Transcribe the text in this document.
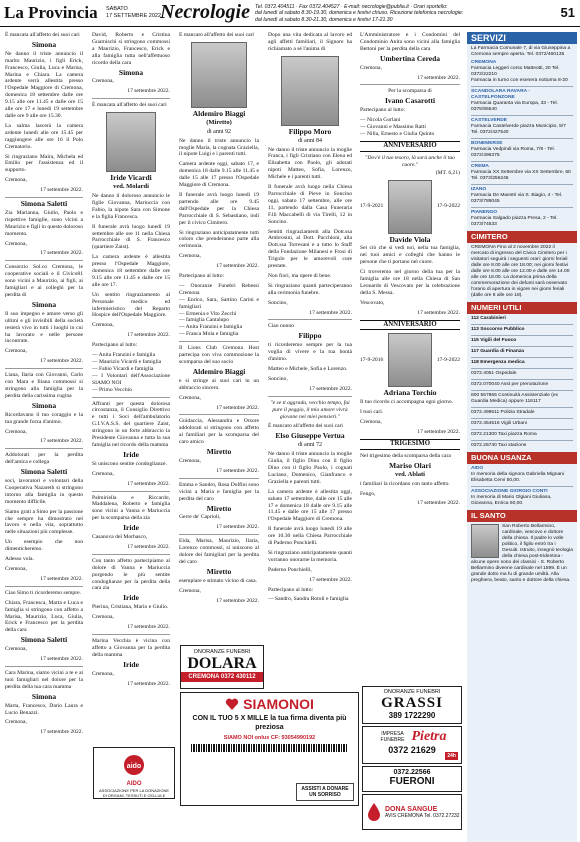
La Provincia SABATO
17 SETTEMBRE 2022
Necrologie Tel. 0372.404511 · Fax 0372.404527 · E-mail: necrologie@publia.it · Orari sportello:
dal lunedì al sabato 8.30-19.30, domenica e festivi chiuso. Ricezione telefonica necrologie:
dal lunedì al sabato 8.30-21.30, domenica e festivi 17-21.30	51

È mancata all'affetto dei suoi cari

Simona

Ne danno il triste annuncio il marito Maurizio, i figli Erick, Francesco, Giulia, Luca e Marisa, Marina e Chiara. La camera ardente verrà allestita presso l'Ospedale Maggiore di Cremona, domenica 18 settembre dalle ore 9.15 alle ore 11.45 e dalle ore 15 alle ore 17 e lunedì 19 settembre dalle ore 9 alle ore 15.30.

La salma lascerà la camera ardente lunedì alle ore 15.45 per raggiungere alle ore 16 il Polo Crematorio.

Si ringraziano Maira, Michela ed Emilio per l'assistenza ed il supporto.

Cremona,

17 settembre 2022.
Simona Saletti

Zia Marianna, Giulio, Paolo e rispettive famiglie, sono vicini a Maurizio e figli in questo doloroso momento.

Cremona,

17 settembre 2022.

Consorzio Sol.co Cremona, le cooperative sociali e il Civico81 sono vicini a Maurizio, ai figli, ai famigliari e ai colleghi per la perdita di

Simona

Il suo impegno e amore verso gli ultimi e gli invisibili della società resterà vivo in tutti i luoghi in cui ha lavorato e nelle persone incontrate.

Cremona,

17 settembre 2022.

Liana, Ilaria con Giovanni, Carlo con Mara e Iliana commossi si stringono alla famiglia per la perdita della carissima cugina

Simona

Ricordavano il tuo coraggio e la tua grande forza d'animo.

Cremona,

17 settembre 2022.

Addolorati per la perdita dell'amica e collega

Simona Saletti

soci, lavoratori e volontari della Cooperativa Nazareth si stringono intorno alla famiglia in questo momento difficile.

Siamo grati a Simo per la passione che sempre ha dimostrato nel lavoro e nella vita, soprattutto nelle situazioni più complesse.

Un esempio che non dimenticheremo.

Adesso vola.

Cremona,

17 settembre 2022.

Ciao Simo ti ricorderemo sempre.

Chiara, Francesca, Marta e Luca e famiglia si stringono con affetto a Marisa, Maurizio, Luca, Giulia, Erick e Francesco per la perdita della cara

Simona Saletti

Cremona,

17 settembre 2022.

Cara Marina, siamo vicini a te e ai tuoi famigliari nel dolore per la perdita della tua cara mamma

Simona

Marta, Francesco, Dario Laura e Lucio Benazzi.

Cremona,

17 settembre 2022.

David, Roberto e Cristina Guarnischi si stringono commossi a Maurizio, Francesco, Erick e alla famiglia tutta nell'affettuoso ricordo della cara

Simona

Cremona,

17 settembre 2022.

È mancata all'affetto dei suoi cari

Iride Vicardi
ved. Molardi

Ne danno il doloroso annuncio le figlie Giovanna, Mariuccia con Fabio, la nipote Sara con Simone e la figlia Francesca.

Il funerale avrà luogo lunedì 19 settembre alle ore 11 nella Chiesa Parrocchiale di S. Francesco (quartiere Zaist).

La camera ardente è allestita presso l'Ospedale Maggiore, domenica 18 settembre dalle ore 9.15 alle ore 11.45 e dalle ore 15 alle ore 17.

Un sentito ringraziamento al Personale medico ed infermieristico del Reparto Hospice dell'Ospedale Maggiore.

Cremona,

17 settembre 2022.

Partecipano al lutto:

— Anita Franzini e famiglia

— Maurizio Vicardi e famiglia

— Fabio Vicardi e famiglia

— I Volontari dell'Associazione SIAMO NOI

— Primo Vecchio

Affranti per questa dolorosa circostanza, il Consiglio Direttivo e tutti i Soci dell'ambulatorio G.I.V.A.S.S. del quartiere Zaist, stringono in un forte abbraccio la Presidente Giovanna e tutta la sua famiglia nel ricordo della mamma

Iride

Si uniscono sentite condoglianze.

Cremona,

17 settembre 2022.

Palmiriella e Riccardo, Maddalena, Roberto e famiglia sono vicini a Vanna e Mariuccia per la scomparsa della zia

Iride

Casanova del Morbasco,

17 settembre 2022.

Con tanto affetto partecipiamo al dolore di Vanna e Mariuccia porgendo le più sentite condoglianze per la perdita della cara zia

Iride

Pierina, Cristiana, Mario e Giulio.

Cremona,

17 settembre 2022.

Marina Vecchia è vicina con affetto a Giovanna per la perdita della mamma

Iride

Cremona,

17 settembre 2022.

È mancato all'affetto dei suoi cari

Aldemiro Biaggi
(Miretto)
di anni 92

Ne danno il triste annuncio la moglie Maria, la cognata Graziella, il nipote Luigi e i parenti tutti.

Camera ardente oggi, sabato 17, e domenica 18 dalle 9.15 alle 11.45 e dalle 15 alle 17 presso l'Ospedale Maggiore di Cremona.

Il funerale avrà luogo lunedì 19 partendo alle ore 9.45 dall'Ospedale per la Chiesa Parrocchiale di S. Sebastiano, indi per il civico Cimitero.

Si ringraziano anticipatamente tutti coloro che prenderanno parte alla cerimonia.

Cremona,

17 settembre 2022.

Partecipano al lutto:

— Onoranze Funebri Rebessi Cremona

— Enrico, Sara, Sartino Carini e famigliari

— Ermenia e Vito Zecchi

— famiglia Cantalupo

— Anita Franzini e famiglia

— Franca Mola e famiglia

Il Lions Club Cremona Host partecipa con viva commozione la scomparsa del suo socio

Aldemiro Biaggi

e si stringe ai suoi cari in un abbraccio sincero.

Cremona,

17 settembre 2022.

Guidaccia, Alessandra e Orsore addolorati si stringono con affetto ai familiari per la scomparsa del caro amico

Miretto

Cremona,

17 settembre 2022.

Emma e Sandro, Rosa Dolfini sono vicini a Maria e famiglia per la perdita del caro

Miretto

Gerre de' Caprioli,

17 settembre 2022.

Elda, Marisa, Maurizio, Ilaria, Lorenzo commossi, si uniscono al dolore dei famigliari per la perdita del caro

Miretto

esemplare e stimato vicino di casa.

Cremona,

17 settembre 2022.

Dopo una vita dedicata al lavoro ed agli affetti familiari, il Signore ha richiamato a sé l'anima di

Filippo Moro
di anni 84

Ne danno il triste annuncio la moglie Franca, i figli Cristiano con Elena ed Elisabetta con Paolo, gli adorati nipoti Matteo, Sofia, Lorenzo, Michele e i parenti tutti.

Il funerale avrà luogo nella Chiesa Parrocchiale di Pieve in Soncino oggi, sabato 17 settembre, alle ore 11, partendo dalla Casa Funeraria F.lli Maccabelli di via Tirelli, 12 in Soncino.

Sentiti ringraziamenti alla Dott.ssa Ambrosini, al Dott. Pacchioni, alla Dott.ssa Torresani e a tutto lo Staff della Fondazione Milanesi e Frosi di Trigolo per le amorevoli cure prestate.

Non fiori, ma opere di bene.

Si ringraziano quanti parteciperanno alla cerimonia funebre.

Soncino,

17 settembre 2022.

Ciao nonno

Filippo

ti ricorderemo sempre per la tua voglia di vivere e la tua bontà d'animo.

Matteo e Michele, Sofia e Lorenzo.

Soncino,

17 settembre 2022.

"e se ti aggrada, vecchio tempo, fai pure il peggio, il mio amore vivrà giovane nei miei pensieri."

È mancato all'affetto dei suoi cari

Elso Giuseppe Vertua
di anni 72

Ne danno il triste annuncio la moglie Giulia, il figlio Dino con il figlio Dino con il figlio Paolo, i cognati Luciano, Domenico, Gianfranco e Graziella e parenti tutti.

La camera ardente è allestita oggi, sabato 17 settembre, dalle ore 15 alle 17 e domenica 18 dalle ore 9.15 alle 11.45 e dalle ore 15 alle 17 presso l'Ospedale Maggiore di Cremona.

Il funerale avrà luogo lunedì 19 alle ore 10.30 nella Chiesa Parrocchiale di Paderno Ponchielli.

Si ringraziano anticipatamente quanti vorranno onorarne la memoria.

Paderno Ponchielli,

17 settembre 2022.

Partecipano al lutto:

— Sandro, Sandra Rotoli e famiglia

L'Amministratore e i Condomini del Condominio Anita sono vicini alla famiglia Bettoni per la perdita della cara

Umbertina Cereda

Cremona,

17 settembre 2022.

Per la scomparsa di

Ivano Casarotti

Partecipano al lutto:

— Nicola Gorlani

— Giovanni e Massimo Ratti

— Nilla, Ernesto e Giulia Quinto

ANNIVERSARIO

"Dov'è il tuo tesoro, là sarà anche il tuo cuore."

(MT. 6,21)
17-9-2021	17-9-2022
Davide Viola

Sei ciò che si vedi noi, nella tua famiglia, nei tuoi amici e colleghi che hanno le persone che ti portano nel cuore.

Ci troveremo nel giorno della tua per la famiglia alle ore 18 nella Chiesa di San Leonardo di Vescovato per la celebrazione della S. Messa.

Vescovato,

17 settembre 2022.
ANNIVERSARIO
17-9-2016	17-9-2022
Adriana Torchio

Il tuo ricordo ci accompagna ogni giorno.

I tuoi cari.

Cremona,

17 settembre 2022.
TRIGESIMO

Nel trigesimo della scomparsa della cara

Mariso Olari
ved. Ablati

i familiari la ricordano con tanto affetto.

Fengo,

17 settembre 2022.
ONORANZE FUNEBRI
DOLARA
CREMONA 0372 430112
SIAMONOI
CON IL TUO 5 X MILLE la tua firma diventa più preziosa
SIAMO NOI onlus CF: 93054990192
ASSISTI A DONARE UN SORRISO
aido
AIDO
ASSOCIAZIONE PER LA DONAZIONE DI ORGANI, TESSUTI E CELLULE
ONORANZE FUNEBRI
GRASSI
389 1722290
IMPRESA FUNEBRE Pietra
0372 21629
24h
0372.22566
FUERONI
DONA SANGUE
AVIS CREMONA Tel. 0372.27232
SERVIZI
La Farmacia Comunale 7, di via Giuseppina a Cremona sempre aperta. Tel. 0372/460135
CREMONA
Farmacia Leggeri corso Matteotti, 20 Tel. 0372/22210
Farmacia in turno con esenera notturna 8-20
SCANDOLARA RAVARA - CASTELPONZONE
Farmacia Quaranta via Europa, 33 - Tel. 0375/95540
CASTELVERDE
Farmacia Castelverde piazza Municipio, 5/7 Tel. 0372/427540
BONEMERSE
Farmacia Vedpindi via Roma, 7/9 - Tel. 0372/496375
CREMA
Farmacia XX Settembre via XX Settembre, 60 Tel. 0373/256246
IZANO
Farmacia De Maestri via S. Biagio, 4 - Tel. 0373/789045
PIANENGO
Farmacia Salgado piazza Presa, 2 - Tel. 0373/74533
CIMITERO
CREMONA Fino al 2 novembre 2022 il mercato di ingresso del Civico Cimitero per i visitatori seguirà i seguenti orari: giorni feriali dalle ore 8.00 alle ore 18.00; nei giorni festivi dalle ore 8.00 alle ore 12.00 e dalle ore 14.00 alle ore 18.00. La domenica prima della commemorazione dei defunti sarà osservato l'orario di apertura in vigore nei giorni feriali (dalle ore 8 alle ore 18).
NUMERI UTILI
112 Carabinieri
113 Soccorso Pubblico
115 Vigili del Fuoco
117 Guardia di Finanza
118 Emergenza medica
0372.4051 Ospedale
0372.070040 Asst per prenotazione
800 567866 Continuità Assistenziale (ex Guardia Medica) oppure 116117
0372.499511 Polizia Stradale
0372.454516 Vigili Urbani
0372.21300 Taxi piazza Roma
0372.26740 Taxi stazione
BUONA USANZA
AIDO
In memoria della signora Gabriella Mignani Elisabetta Cervi 50,00.
ASSOCIAZIONE GIORGIO CONTI
In memoria di Mario Olgiani Giuliana, Giovanna, Enrica 50,00.
IL SANTO
San Roberto Bellarmino, cardinale, vescovo e dottore della chiesa. Il padre lo volle politico, il figlio entrò tra i Gesuiti. Istruito, insegnò teologia della chiesa post-tridentina - alcune opere sono dei classici - S. Roberto Bellarmino divenne cardinale nel 1599. È un grande dotto ma fu di grande umiltà. Alla preghiera, beato, santo e dottore della chiesa.
